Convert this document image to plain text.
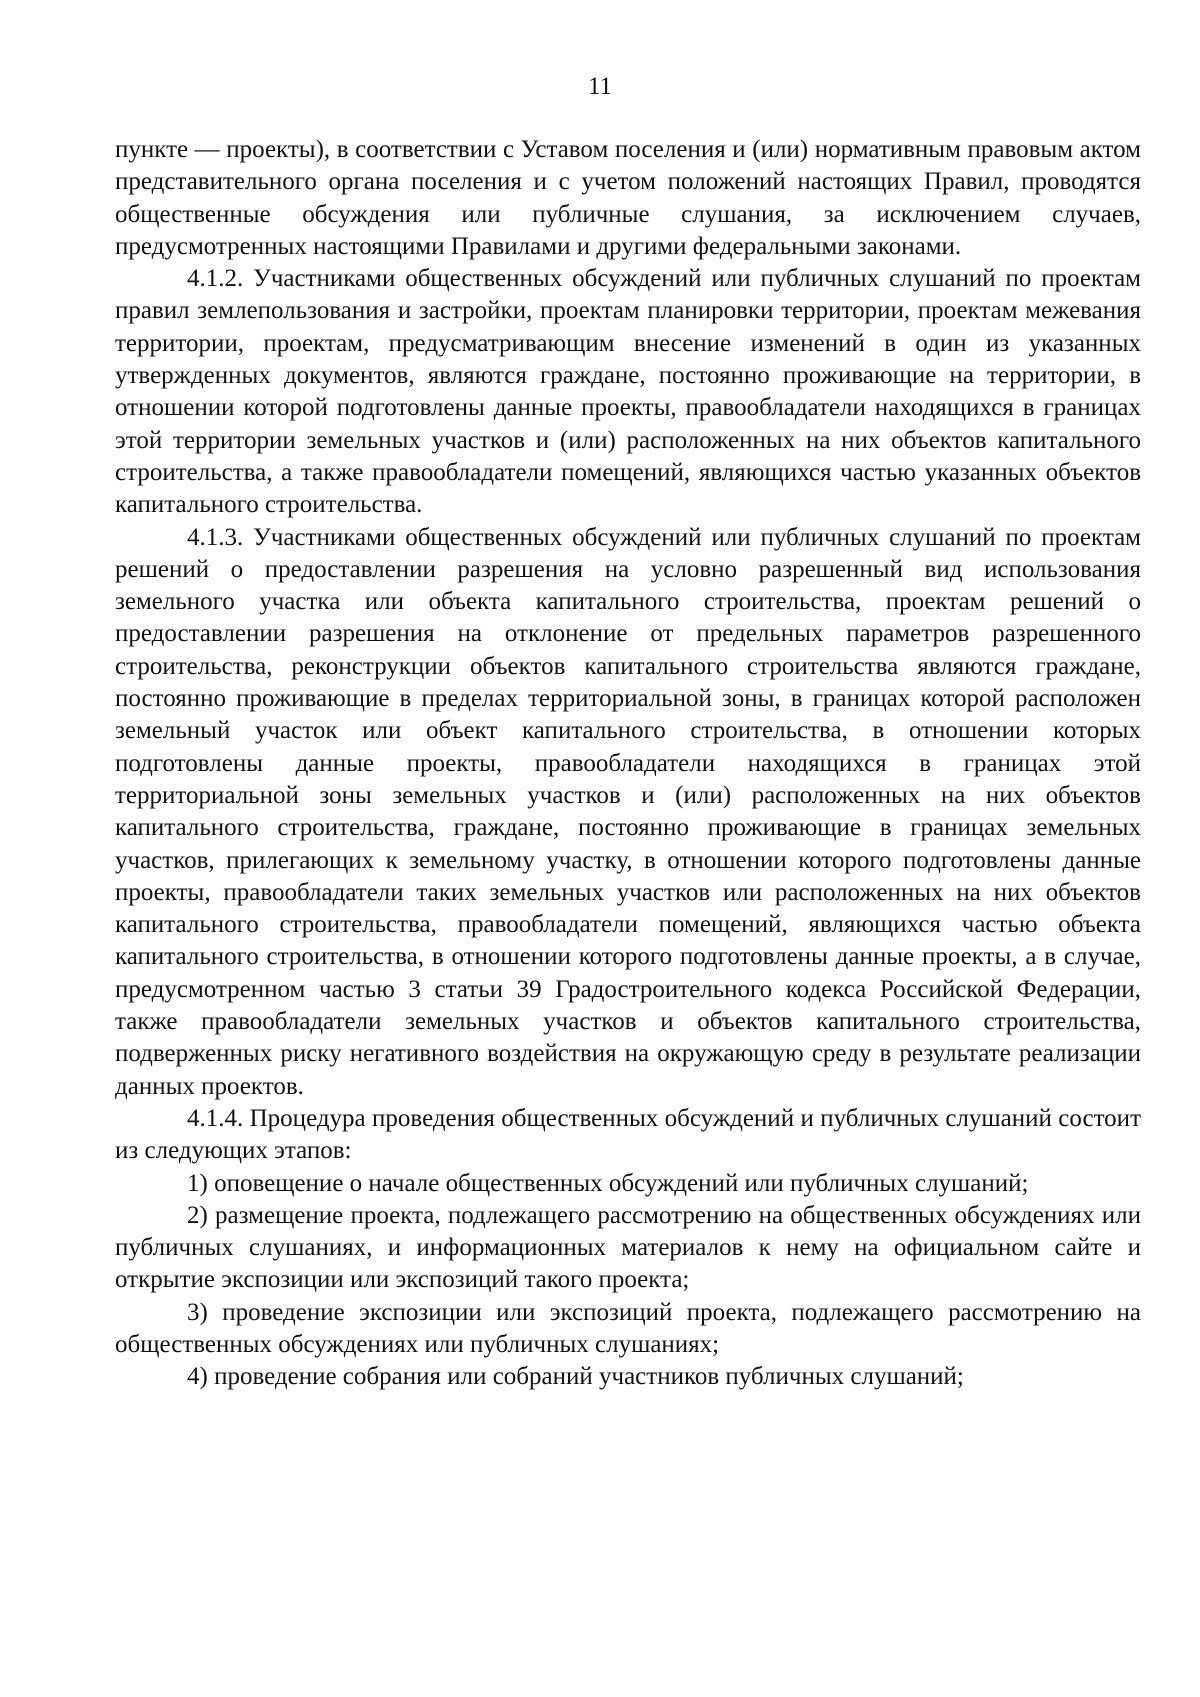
11

пункте — проекты), в соответствии с Уставом поселения и (или) нормативным правовым актом представительного органа поселения и с учетом положений настоящих Правил, проводятся общественные обсуждения или публичные слушания, за исключением случаев, предусмотренных настоящими Правилами и другими федеральными законами.

4.1.2. Участниками общественных обсуждений или публичных слушаний по проектам правил землепользования и застройки, проектам планировки территории, проектам межевания территории, проектам, предусматривающим внесение изменений в один из указанных утвержденных документов, являются граждане, постоянно проживающие на территории, в отношении которой подготовлены данные проекты, правообладатели находящихся в границах этой территории земельных участков и (или) расположенных на них объектов капитального строительства, а также правообладатели помещений, являющихся частью указанных объектов капитального строительства.

4.1.3. Участниками общественных обсуждений или публичных слушаний по проектам решений о предоставлении разрешения на условно разрешенный вид использования земельного участка или объекта капитального строительства, проектам решений о предоставлении разрешения на отклонение от предельных параметров разрешенного строительства, реконструкции объектов капитального строительства являются граждане, постоянно проживающие в пределах территориальной зоны, в границах которой расположен земельный участок или объект капитального строительства, в отношении которых подготовлены данные проекты, правообладатели находящихся в границах этой территориальной зоны земельных участков и (или) расположенных на них объектов капитального строительства, граждане, постоянно проживающие в границах земельных участков, прилегающих к земельному участку, в отношении которого подготовлены данные проекты, правообладатели таких земельных участков или расположенных на них объектов капитального строительства, правообладатели помещений, являющихся частью объекта капитального строительства, в отношении которого подготовлены данные проекты, а в случае, предусмотренном частью 3 статьи 39 Градостроительного кодекса Российской Федерации, также правообладатели земельных участков и объектов капитального строительства, подверженных риску негативного воздействия на окружающую среду в результате реализации данных проектов.

4.1.4. Процедура проведения общественных обсуждений и публичных слушаний состоит из следующих этапов:

1) оповещение о начале общественных обсуждений или публичных слушаний;

2) размещение проекта, подлежащего рассмотрению на общественных обсуждениях или публичных слушаниях, и информационных материалов к нему на официальном сайте и открытие экспозиции или экспозиций такого проекта;

3) проведение экспозиции или экспозиций проекта, подлежащего рассмотрению на общественных обсуждениях или публичных слушаниях;

4) проведение собрания или собраний участников публичных слушаний;
